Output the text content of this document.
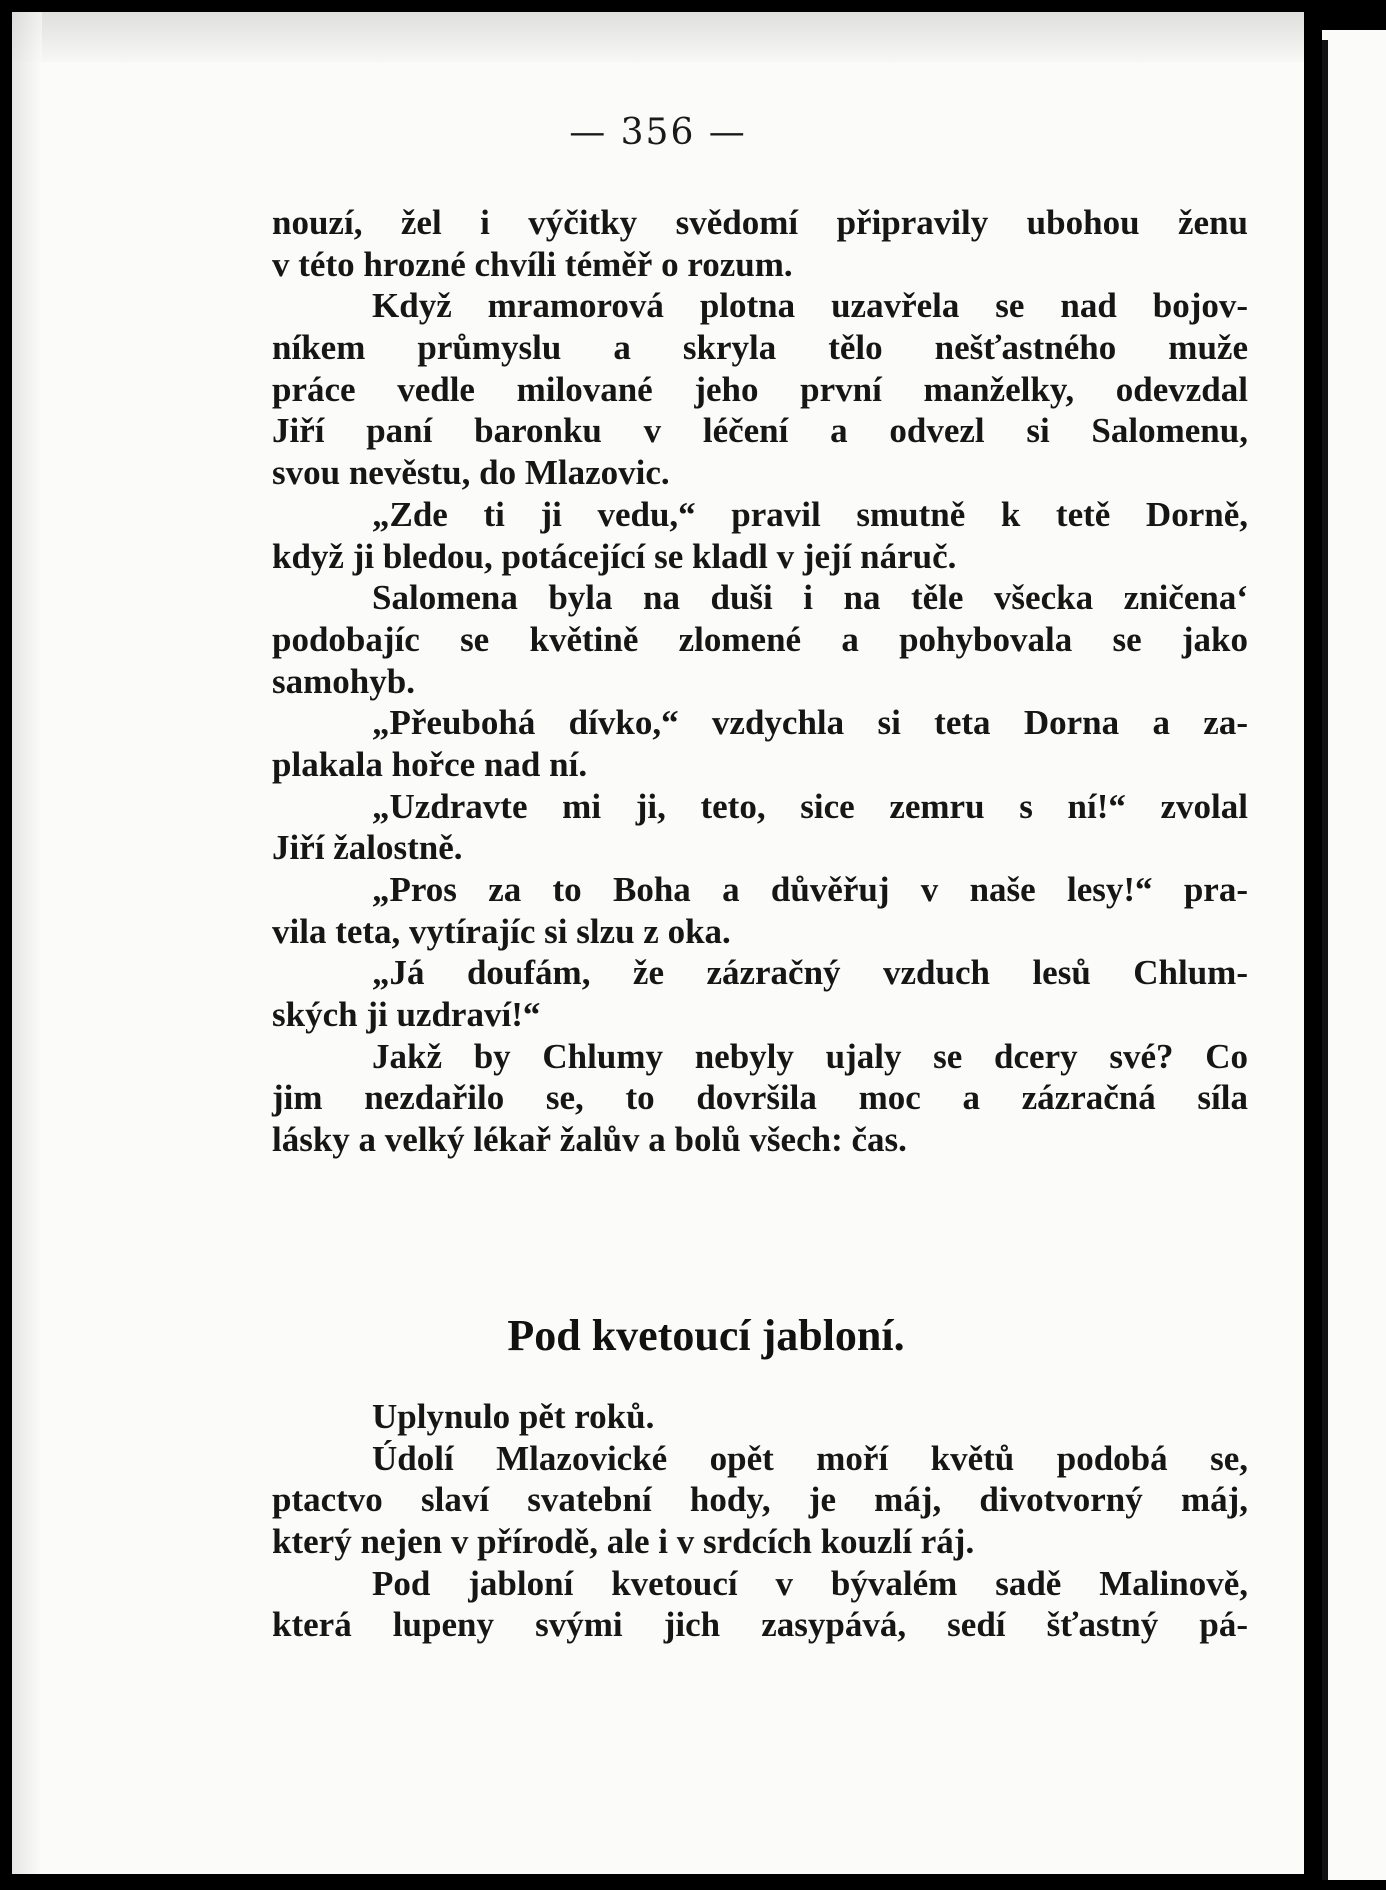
— 356 —
nouzí, žel i výčitky svědomí připravily ubohou ženu
v této hrozné chvíli téměř o rozum.
Když mramorová plotna uzavřela se nad bojov-
níkem průmyslu a skryla tělo nešťastného muže
práce vedle milované jeho první manželky, odevzdal
Jiří paní baronku v léčení a odvezl si Salomenu,
svou nevěstu, do Mlazovic.
„Zde ti ji vedu,“ pravil smutně k tetě Dorně,
když ji bledou, potácející se kladl v její náruč.
Salomena byla na duši i na těle všecka zničena‘
podobajíc se květině zlomené a pohybovala se jako
samohyb.
„Přeubohá dívko,“ vzdychla si teta Dorna a za-
plakala hořce nad ní.
„Uzdravte mi ji, teto, sice zemru s ní!“ zvolal
Jiří žalostně.
„Pros za to Boha a důvěřuj v naše lesy!“ pra-
vila teta, vytírajíc si slzu z oka.
„Já doufám, že zázračný vzduch lesů Chlum-
ských ji uzdraví!“
Jakž by Chlumy nebyly ujaly se dcery své? Co
jim nezdařilo se, to dovršila moc a zázračná síla
lásky a velký lékař žalův a bolů všech: čas.
Pod kvetoucí jabloní.
Uplynulo pět roků.
Údolí Mlazovické opět moří květů podobá se,
ptactvo slaví svatební hody, je máj, divotvorný máj,
který nejen v přírodě, ale i v srdcích kouzlí ráj.
Pod jabloní kvetoucí v bývalém sadě Malinově,
která lupeny svými jich zasypává, sedí šťastný pá-
